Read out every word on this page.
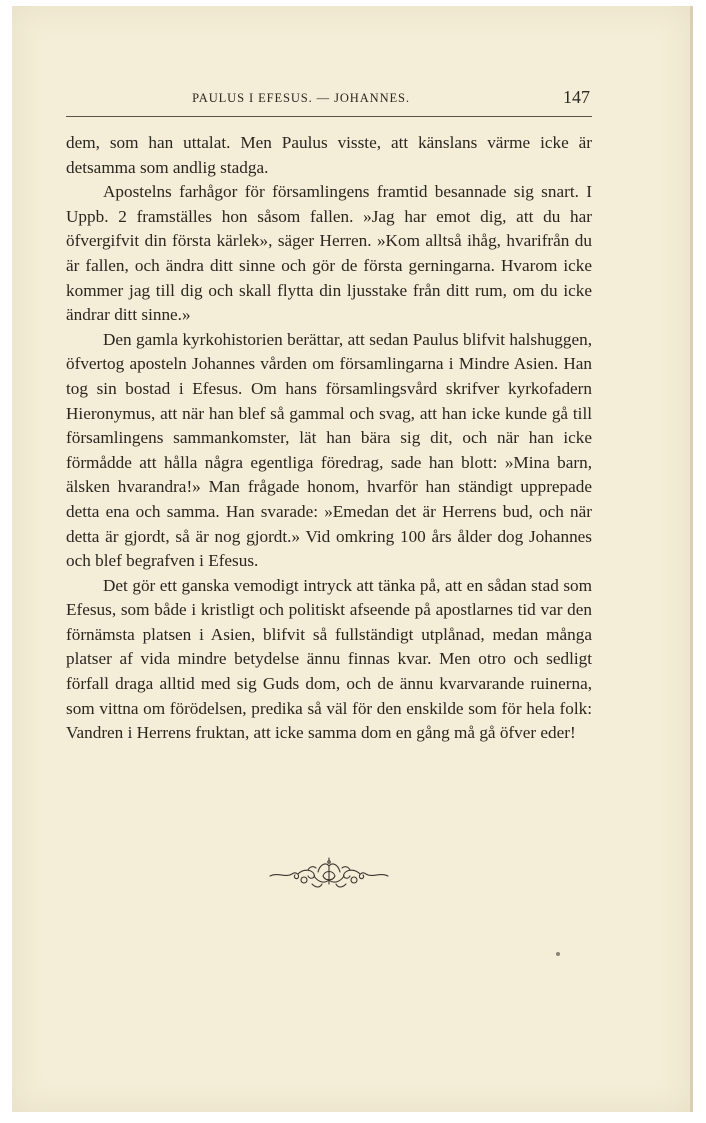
PAULUS I EFESUS. — JOHANNES.	147

dem, som han uttalat. Men Paulus visste, att känslans värme icke är detsamma som andlig stadga.

Apostelns farhågor för församlingens framtid besannade sig snart. I Uppb. 2 framställes hon såsom fallen. »Jag har emot dig, att du har öfvergifvit din första kärlek», säger Herren. »Kom alltså ihåg, hvarifrån du är fallen, och ändra ditt sinne och gör de första gerningarna. Hvarom icke kommer jag till dig och skall flytta din ljusstake från ditt rum, om du icke ändrar ditt sinne.»

Den gamla kyrkohistorien berättar, att sedan Paulus blifvit halshuggen, öfvertog aposteln Johannes vården om församlingarna i Mindre Asien. Han tog sin bostad i Efesus. Om hans församlingsvård skrifver kyrkofadern Hieronymus, att när han blef så gammal och svag, att han icke kunde gå till församlingens sammankomster, lät han bära sig dit, och när han icke förmådde att hålla några egentliga föredrag, sade han blott: »Mina barn, älsken hvarandra!» Man frågade honom, hvarför han ständigt upprepade detta ena och samma. Han svarade: »Emedan det är Herrens bud, och när detta är gjordt, så är nog gjordt.» Vid omkring 100 års ålder dog Johannes och blef begrafven i Efesus.

Det gör ett ganska vemodigt intryck att tänka på, att en sådan stad som Efesus, som både i kristligt och politiskt afseende på apostlarnes tid var den förnämsta platsen i Asien, blifvit så fullständigt utplånad, medan många platser af vida mindre betydelse ännu finnas kvar. Men otro och sedligt förfall draga alltid med sig Guds dom, och de ännu kvarvarande ruinerna, som vittna om förödelsen, predika så väl för den enskilde som för hela folk: Vandren i Herrens fruktan, att icke samma dom en gång må gå öfver eder!
